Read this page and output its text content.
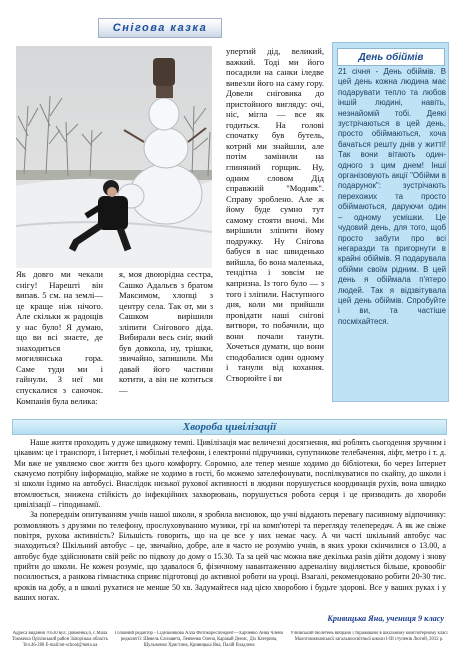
Снігова казка
Як довго ми чекали снігу! Нарешті він випав. 5 см. на землі—це краще ніж нічого. Але скільки ж радощів у нас було! Я думаю, що ви всі знаєте, де знаходиться могилянська гора. Саме туди ми і гайнули. З неї ми спускалися з саночок. Компанія була велика:
я, моя двоюрідна сестра, Сашко Адальєв з братом Максимом, хлопці з центру села. Так от, ми з Сашком вирішили зліпити Снігового діда. Вибирали весь сніг, який був довкола, ну, трішки, звичайно, запишили. Ми давай його частини котити, а він не котиться—
упертий дід, великий, важкий. Тоді ми його посадили на санки іледве вивезли його на саму гору. Довели сніговика до пристойного вигляду: очі, ніс, міглa — все як годиться. На голові спочатку був бутель, котрий ми знайшли, але потім замінили на глиняний горщик. Ну, одним словом Дід справжній "Модняк". Справу зроблено. Але ж йому буде сумно тут самому стояти вночі. Ми вирішили зліпити йому подружку. Ну Снігова бабуся в нас швиденько вийшла, бо вона маленька, тендітна і зовсім не капризна. Із того було — з того і зліпили. Наступного дня, коли ми прийшли провідати наші снігові витвори, то побачили, що вони почали танути. Хочеться думати, що вони сподобалися один одному і танули від кохання. Створюйте ї ви
День обіймів
21 січня - День обіймів. В цей день кожна людина має подарувати тепло та любов іншій людині, навіть, незнайомій тобі. Деякі зустрічаються в цей день, просто обіймаються, хоча бачаться решту днів у житті! Так вони вітають один-одного з цим днем! Іншi організовують акції "Обійми в подарунок": зустрічають перехожих та просто обіймаються, даруючи один – одному усмішки. Це чудовий день, для того, щоб просто забути про всі негаразди та пригорнути в крайні обіймів. Я подарувала обійми своїм рідним. В цей день я обіймала п'ятеро людей. Так я відзвітувала цей день обіймів. Спробуйте і ви, та частіше посміхайтеся.
Хвороба цивілізації

Наше життя проходить у дуже швидкому темпі. Цивілізація має величезні досягнення, які роблять сьогодення зручним і цікавим: це і транспорт, і Інтернет, і мобільні телефони, і електронні підручники, супутникове телебачення, ліфт, метро і т. д. Ми вже не уявляємо своє життя без цього комфорту. Соромно, але тепер менше ходимо до бібліотеки, бо через Інтернет скачуємо потрібну інформацію, майже не ходимо в гості, бо можемо зателефонувати, поспілкуватися по скайпу, до школи і зі школи їздимо на автобусі. Внаслідок низької рухової активності в людини порушується координація рухів, вона швидко втомлюється, знижена стійкість до інфекційних захворювань, порушується робота серця і це призводить до хвороби цивілізації – гіподинамії.

За попереднім опитуванням учнів нашої школи, я зробила висновок, що учні віддають перевагу пасивному відпочинку: розмовляють з друзями по телефону, прослуховуванню музики, грі на комп'ютері та перегляду телепередач. А як же свіже повітря, рухова активність? Більшість говорить, що на це все у них немає часу. А чи часті шкільний автобус час знаходиться? Шкільний автобус – це, звичайно, добре, але я часто не розумію учнів, в яких уроки скінчилися о 13.00, а автобус буде здійснювати свій рейс по підвозу до дому о 15.30. Та за цей час можна вже декілька разів дійти додому і знову прийти до школи. Не кожен розуміє, що здавалося б, фізичному навантаженню адреналіну виділяється більше, кровообіг посилюється, а ранкова гімнастика сприяє підготовці до активної роботи на уроці. Взагалі, рекомендовано робити 20-30 тис. кроків на добу, а в школі рухатися не менше 50 хв. Задумайтеся над цією хворобою і будьте здорові. Все у ваших руках і у ваших ногах.

Кривицька Яна, учениця 9 класу
Адреса видання 70530 вул. Довженка,6, с.Мала Токмачка Оріхівський район Запорізька область Тел.46-280 E-mail:mt-school@meta.ua
Головний редактор - Сідельникова Алла Фотокореспондент—Харченко Анна Члени редколегії: Шевель Єлизавета, Левченко Олена, Каракай Денис, Діх Катерина, Шульженко Христина, Кривицька Яна, Палій Владлена
Учнівський бюлетень вибрано і тиражовано в шкільному комп'ютерному класі Малотокмачанської загальноосвітньої школи І-ІІІ ступенів Лютий, 2012 р.
